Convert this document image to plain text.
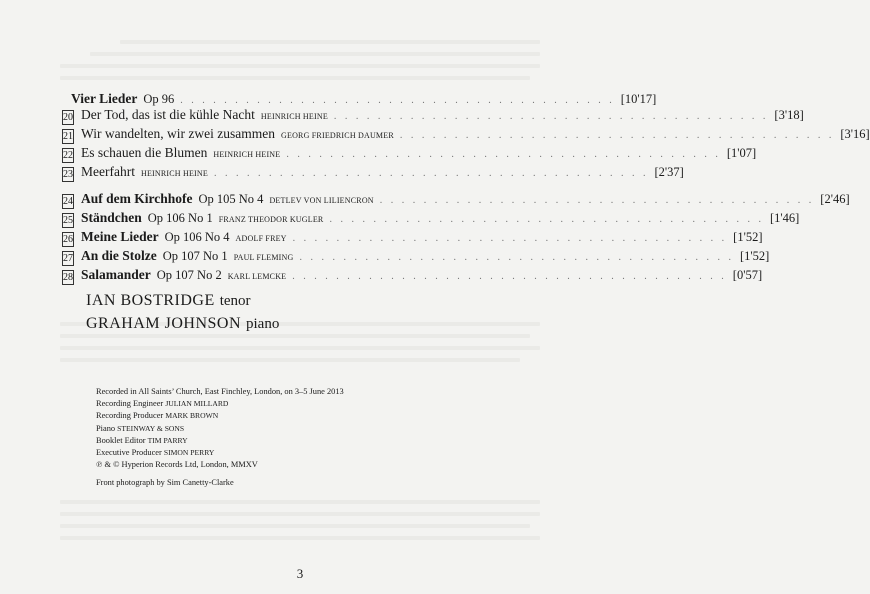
Vier Lieder Op 96 . . . . . . . . . . . . . . . . . . . . . . . . . . . . . . . . . . . . . . . . [10'17]
20 Der Tod, das ist die kühle Nacht HEINRICH HEINE . . . . . . . . . . . . . . . . . . . . . . . . . . . . . . . . . . . . . . . . [3'18]
21 Wir wandelten, wir zwei zusammen GEORG FRIEDRICH DAUMER . . . . . . . . . . . . . . . . . . . . . . . . . . . . . . . . . . . . . . . . [3'16]
22 Es schauen die Blumen HEINRICH HEINE . . . . . . . . . . . . . . . . . . . . . . . . . . . . . . . . . . . . . . . . [1'07]
23 Meerfahrt HEINRICH HEINE . . . . . . . . . . . . . . . . . . . . . . . . . . . . . . . . . . . . . . . . [2'37]
24 Auf dem Kirchhofe Op 105 No 4 DETLEV VON LILIENCRON . . . . . . . . . . . . . . . . . . . . . . . . . . . . . . . . . . . . . . . . [2'46]
25 Ständchen Op 106 No 1 FRANZ THEODOR KUGLER . . . . . . . . . . . . . . . . . . . . . . . . . . . . . . . . . . . . . . . . [1'46]
26 Meine Lieder Op 106 No 4 ADOLF FREY . . . . . . . . . . . . . . . . . . . . . . . . . . . . . . . . . . . . . . . . [1'52]
27 An die Stolze Op 107 No 1 PAUL FLEMING . . . . . . . . . . . . . . . . . . . . . . . . . . . . . . . . . . . . . . . . [1'52]
28 Salamander Op 107 No 2 KARL LEMCKE . . . . . . . . . . . . . . . . . . . . . . . . . . . . . . . . . . . . . . . . [0'57]
IAN BOSTRIDGE tenor
GRAHAM JOHNSON piano
Recorded in All Saints’ Church, East Finchley, London, on 3–5 June 2013
Recording Engineer JULIAN MILLARD
Recording Producer MARK BROWN
Piano STEINWAY & SONS
Booklet Editor TIM PARRY
Executive Producer SIMON PERRY
℗ & © Hyperion Records Ltd, London, MMXV
Front photograph by Sim Canetty-Clarke
3
